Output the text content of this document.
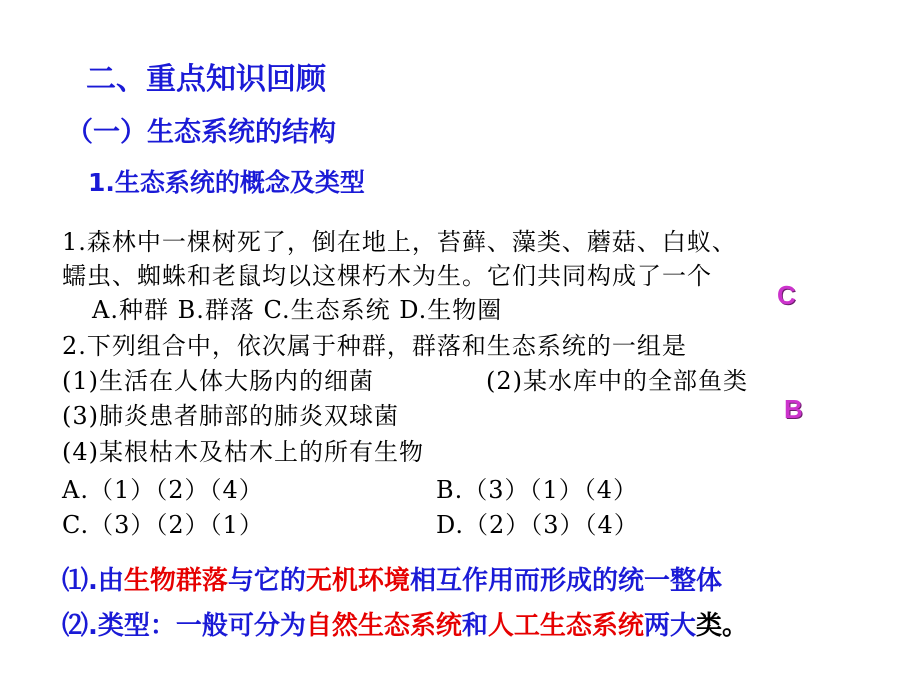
二、重点知识回顾
（一）生态系统的结构
1.生态系统的概念及类型
1.森林中一棵树死了，倒在地上，苔藓、藻类、蘑菇、白蚁、
蠕虫、蜘蛛和老鼠均以这棵朽木为生。它们共同构成了一个
A.种群 B.群落 C.生态系统 D.生物圈	C
2.下列组合中，依次属于种群，群落和生态系统的一组是
(1)生活在人体大肠内的细菌	(2)某水库中的全部鱼类
(3)肺炎患者肺部的肺炎双球菌	B
(4)某根枯木及枯木上的所有生物
A.（1）（2）（4）	B.（3）（1）（4）
C.（3）（2）（1）	D.（2）（3）（4）
⑴.由生物群落与它的无机环境相互作用而形成的统一整体
⑵.类型：一般可分为自然生态系统和人工生态系统两大类。
